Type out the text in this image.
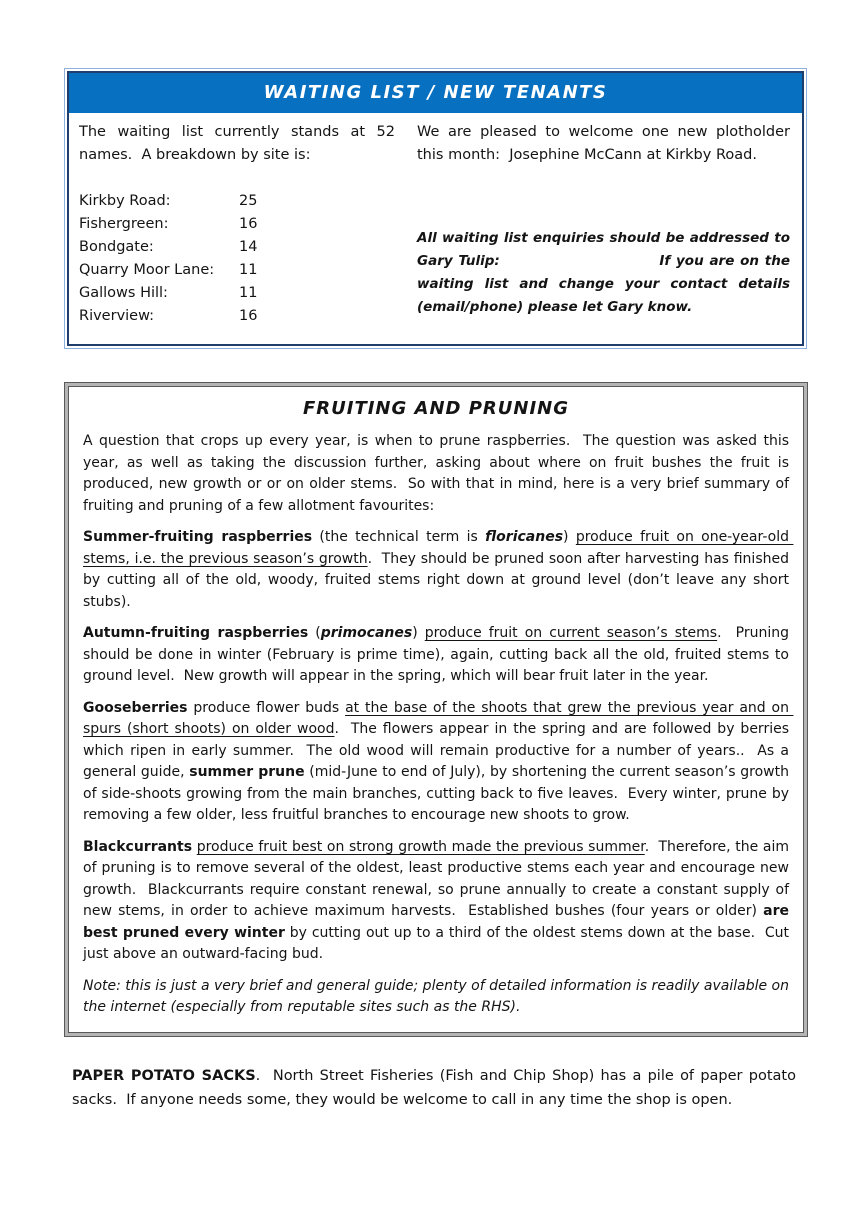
WAITING LIST / NEW TENANTS

The waiting list currently stands at 52 names.  A breakdown by site is:

Kirkby Road:	25
Fishergreen:	16
Bondgate:	14
Quarry Moor Lane: 11
Gallows Hill:	11
Riverview:	16

We are pleased to welcome one new plotholder this month:  Josephine McCann at Kirkby Road.

All waiting list enquiries should be addressed to Gary Tulip:	If you are on the waiting list and change your contact details (email/phone) please let Gary know.

FRUITING AND PRUNING

A question that crops up every year, is when to prune raspberries.  The question was asked this year, as well as taking the discussion further, asking about where on fruit bushes the fruit is produced, new growth or or on older stems.  So with that in mind, here is a very brief summary of fruiting and pruning of a few allotment favourites:

Summer-fruiting raspberries (the technical term is floricanes) produce fruit on one-year-old stems, i.e. the previous season’s growth.  They should be pruned soon after harvesting has finished by cutting all of the old, woody, fruited stems right down at ground level (don’t leave any short stubs).

Autumn-fruiting raspberries (primocanes) produce fruit on current season’s stems.  Pruning should be done in winter (February is prime time), again, cutting back all the old, fruited stems to ground level.  New growth will appear in the spring, which will bear fruit later in the year.

Gooseberries produce flower buds at the base of the shoots that grew the previous year and on spurs (short shoots) on older wood.  The flowers appear in the spring and are followed by berries which ripen in early summer.  The old wood will remain productive for a number of years..  As a general guide, summer prune (mid-June to end of July), by shortening the current season’s growth of side-shoots growing from the main branches, cutting back to five leaves.  Every winter, prune by removing a few older, less fruitful branches to encourage new shoots to grow.

Blackcurrants produce fruit best on strong growth made the previous summer.  Therefore, the aim of pruning is to remove several of the oldest, least productive stems each year and encourage new growth.  Blackcurrants require constant renewal, so prune annually to create a constant supply of new stems, in order to achieve maximum harvests.  Established bushes (four years or older) are best pruned every winter by cutting out up to a third of the oldest stems down at the base.  Cut just above an outward-facing bud.

Note: this is just a very brief and general guide; plenty of detailed information is readily available on the internet (especially from reputable sites such as the RHS).

PAPER POTATO SACKS.  North Street Fisheries (Fish and Chip Shop) has a pile of paper potato sacks.  If anyone needs some, they would be welcome to call in any time the shop is open.
